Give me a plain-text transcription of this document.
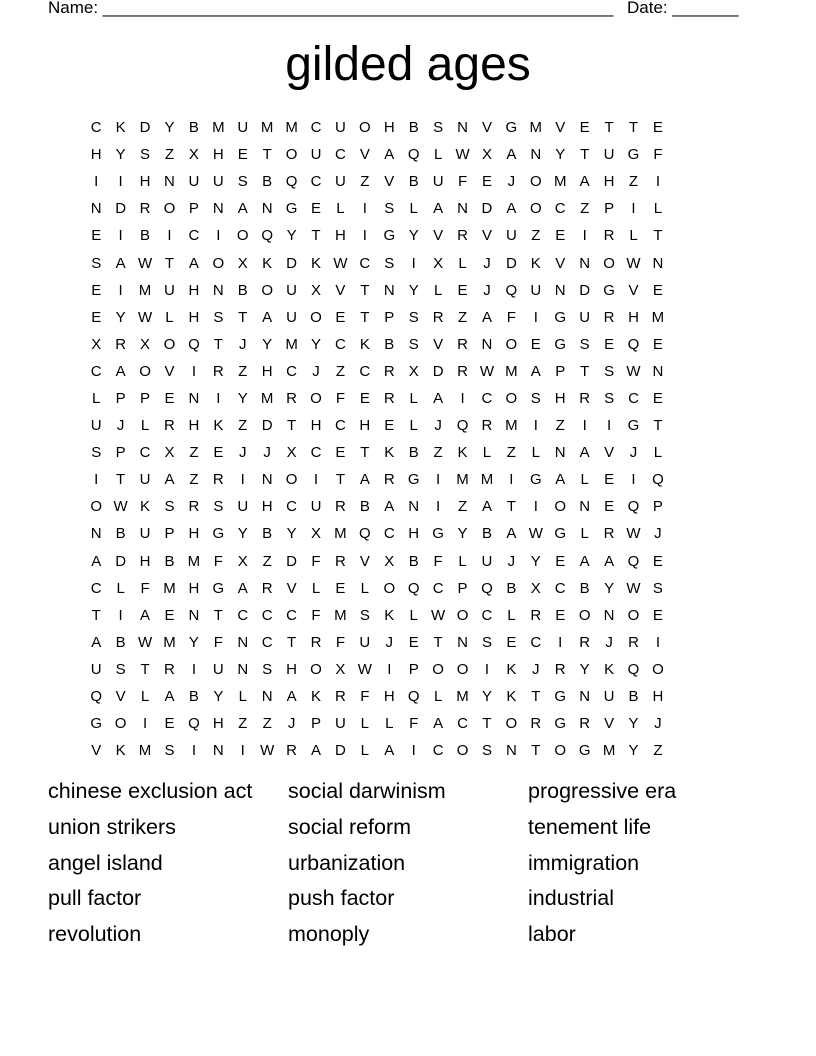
Name: ______________________________________________________ Date: _______
gilded ages
C	K	D	Y	B	M	U	M	M	C	U	O	H	B	S	N	V	G	M	V	E	T	T	E
H	Y	S	Z	X	H	E	T	O	U	C	V	A	Q	L	W	X	A	N	Y	T	U	G	F
I	I	H	N	U	U	S	B	Q	C	U	Z	V	B	U	F	E	J	O	M	A	H	Z	I
N	D	R	O	P	N	A	N	G	E	L	I	S	L	A	N	D	A	O	C	Z	P	I	L
E	I	B	I	C	I	O	Q	Y	T	H	I	G	Y	V	R	V	U	Z	E	I	R	L	T
S	A	W	T	A	O	X	K	D	K	W	C	S	I	X	L	J	D	K	V	N	O	W	N
E	I	M	U	H	N	B	O	U	X	V	T	N	Y	L	E	J	Q	U	N	D	G	V	E
E	Y	W	L	H	S	T	A	U	O	E	T	P	S	R	Z	A	F	I	G	U	R	H	M
X	R	X	O	Q	T	J	Y	M	Y	C	K	B	S	V	R	N	O	E	G	S	E	Q	E
C	A	O	V	I	R	Z	H	C	J	Z	C	R	X	D	R	W	M	A	P	T	S	W	N
L	P	P	E	N	I	Y	M	R	O	F	E	R	L	A	I	C	O	S	H	R	S	C	E
U	J	L	R	H	K	Z	D	T	H	C	H	E	L	J	Q	R	M	I	Z	I	I	G	T
S	P	C	X	Z	E	J	J	X	C	E	T	K	B	Z	K	L	Z	L	N	A	V	J	L
I	T	U	A	Z	R	I	N	O	I	T	A	R	G	I	M	M	I	G	A	L	E	I	Q
O	W	K	S	R	S	U	H	C	U	R	B	A	N	I	Z	A	T	I	O	N	E	Q	P
N	B	U	P	H	G	Y	B	Y	X	M	Q	C	H	G	Y	B	A	W	G	L	R	W	J
A	D	H	B	M	F	X	Z	D	F	R	V	X	B	F	L	U	J	Y	E	A	A	Q	E
C	L	F	M	H	G	A	R	V	L	E	L	O	Q	C	P	Q	B	X	C	B	Y	W	S
T	I	A	E	N	T	C	C	C	F	M	S	K	L	W	O	C	L	R	E	O	N	O	E
A	B	W	M	Y	F	N	C	T	R	F	U	J	E	T	N	S	E	C	I	R	J	R	I
U	S	T	R	I	U	N	S	H	O	X	W	I	P	O	O	I	K	J	R	Y	K	Q	O
Q	V	L	A	B	Y	L	N	A	K	R	F	H	Q	L	M	Y	K	T	G	N	U	B	H
G	O	I	E	Q	H	Z	Z	J	P	U	L	L	F	A	C	T	O	R	G	R	V	Y	J
V	K	M	S	I	N	I	W	R	A	D	L	A	I	C	O	S	N	T	O	G	M	Y	Z
chinese exclusion act	social darwinism	progressive era
union strikers	social reform	tenement life
angel island	urbanization	immigration
pull factor	push factor	industrial
revolution	monoply	labor
